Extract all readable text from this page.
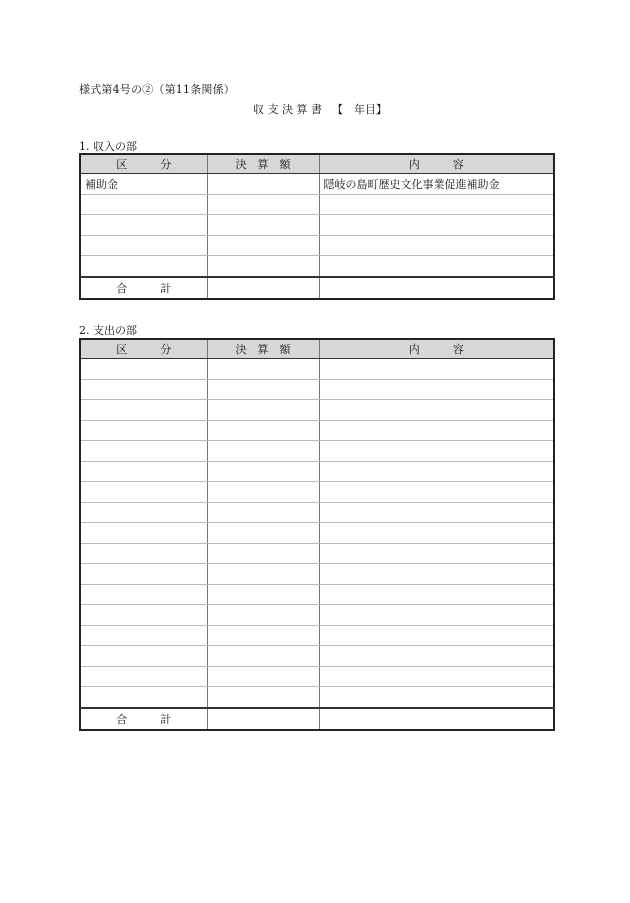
様式第4号の②（第11条関係）
収 支 決 算 書 【　年目】
1. 収入の部
区　　　分	決　算　額	内　　　容
補助金		隠岐の島町歴史文化事業促進補助金

合　　　計		
2. 支出の部
区　　　分	決　算　額	内　　　容

合　　　計		
